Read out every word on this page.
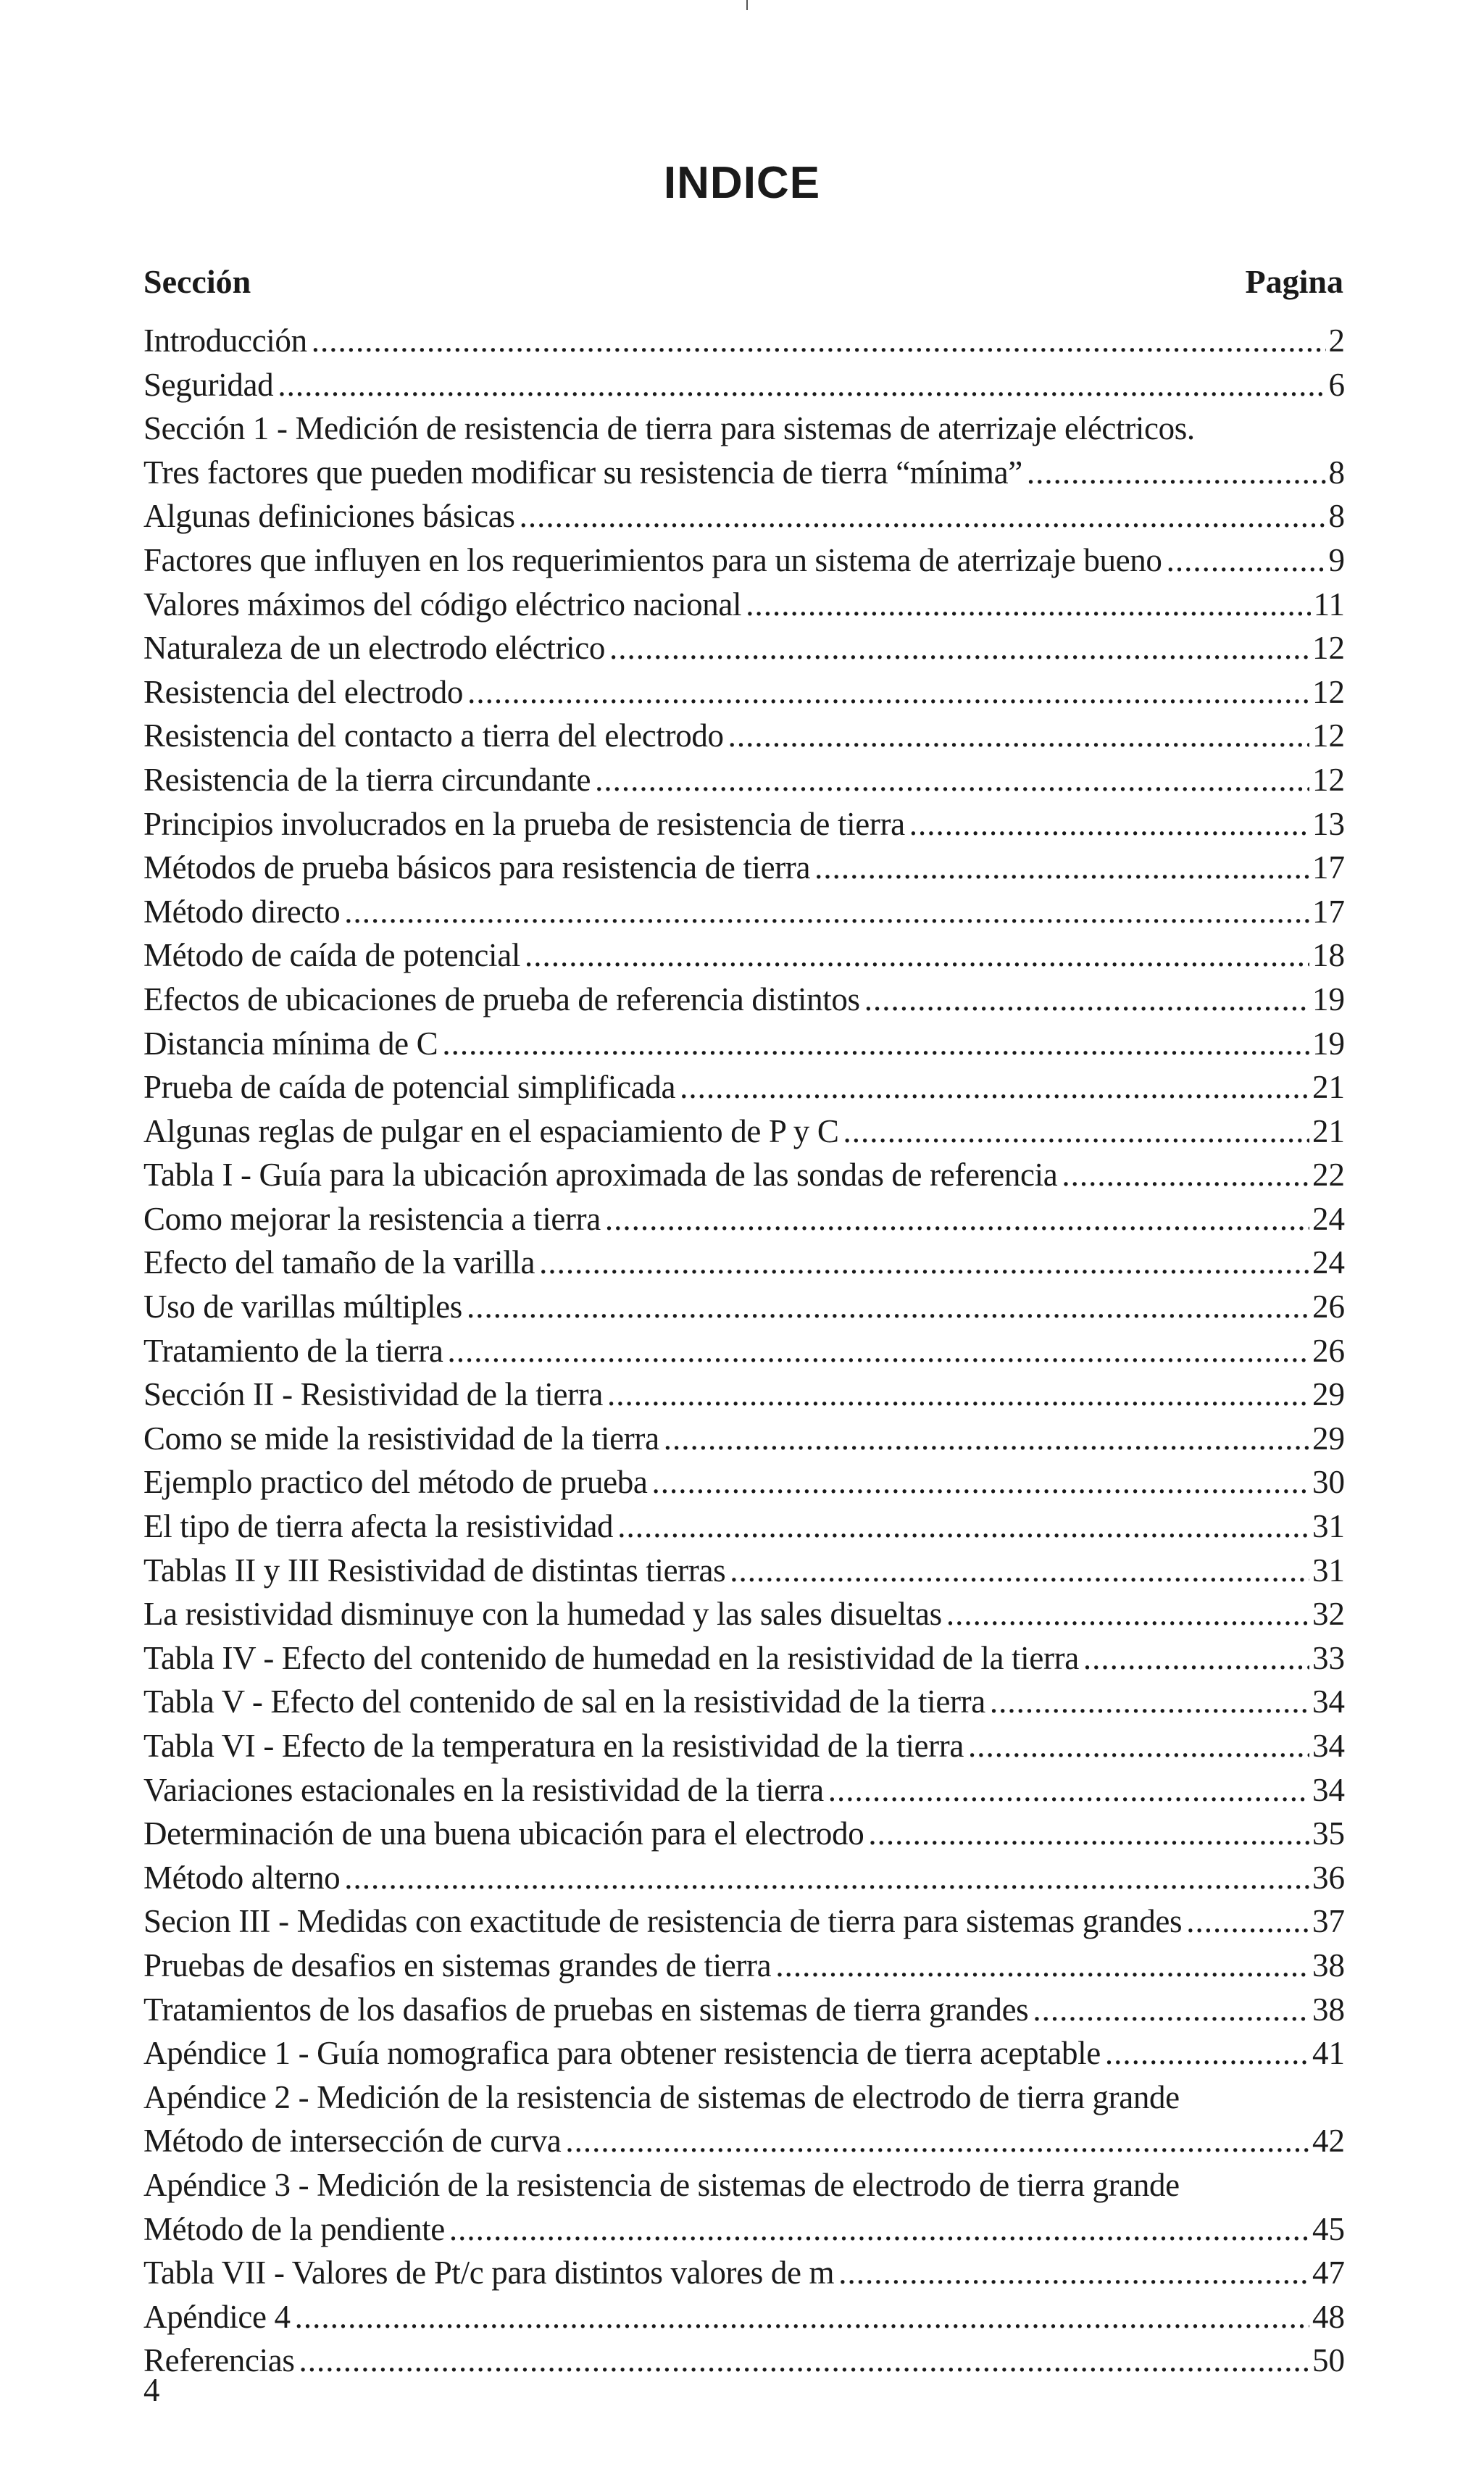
INDICE
Sección	Pagina
Introducción .....	2
Seguridad .....	6
Sección 1 - Medición de resistencia de tierra para sistemas de aterrizaje eléctricos.
Tres factores que pueden modificar su resistencia de tierra “mínima” .....	8
Algunas definiciones básicas .....	8
Factores que influyen en los requerimientos para un sistema de aterrizaje bueno .....	9
Valores máximos del código eléctrico nacional .....	11
Naturaleza de un electrodo eléctrico .....	12
Resistencia del electrodo .....	12
Resistencia del contacto a tierra del electrodo .....	12
Resistencia de la tierra circundante .....	12
Principios involucrados en la prueba de resistencia de tierra .....	13
Métodos de prueba básicos para resistencia de tierra .....	17
Método directo .....	17
Método de caída de potencial .....	18
Efectos de ubicaciones de prueba de referencia distintos .....	19
Distancia mínima de C .....	19
Prueba de caída de potencial simplificada .....	21
Algunas reglas de pulgar en el espaciamiento de P y C .....	21
Tabla I - Guía para la ubicación aproximada de las sondas de referencia .....	22
Como mejorar la resistencia a tierra .....	24
Efecto del tamaño de la varilla .....	24
Uso de varillas múltiples .....	26
Tratamiento de la tierra .....	26
Sección II - Resistividad de la tierra .....	29
Como se mide la resistividad de la tierra .....	29
Ejemplo practico del método de prueba .....	30
El tipo de tierra afecta la resistividad .....	31
Tablas II y III Resistividad de distintas tierras .....	31
La resistividad disminuye con la humedad y las sales disueltas .....	32
Tabla IV - Efecto del contenido de humedad en la resistividad de la tierra .....	33
Tabla V - Efecto del contenido de sal en la resistividad de la tierra .....	34
Tabla VI - Efecto de la temperatura en la resistividad de la tierra .....	34
Variaciones estacionales en la resistividad de la tierra .....	34
Determinación de una buena ubicación para el electrodo .....	35
Método alterno .....	36
Secion III - Medidas con exactitude de resistencia de tierra para sistemas grandes .....	37
Pruebas de desafios en sistemas grandes de tierra .....	38
Tratamientos de los dasafios de pruebas en sistemas de tierra grandes .....	38
Apéndice 1 - Guía nomografica para obtener resistencia de tierra aceptable .....	41
Apéndice 2 - Medición de la resistencia de sistemas de electrodo de tierra grande
Método de intersección de curva .....	42
Apéndice 3 - Medición de la resistencia de sistemas de electrodo de tierra grande
Método de la pendiente .....	45
Tabla VII - Valores de Pt/c para distintos valores de m .....	47
Apéndice 4 .....	48
Referencias .....	50
4
